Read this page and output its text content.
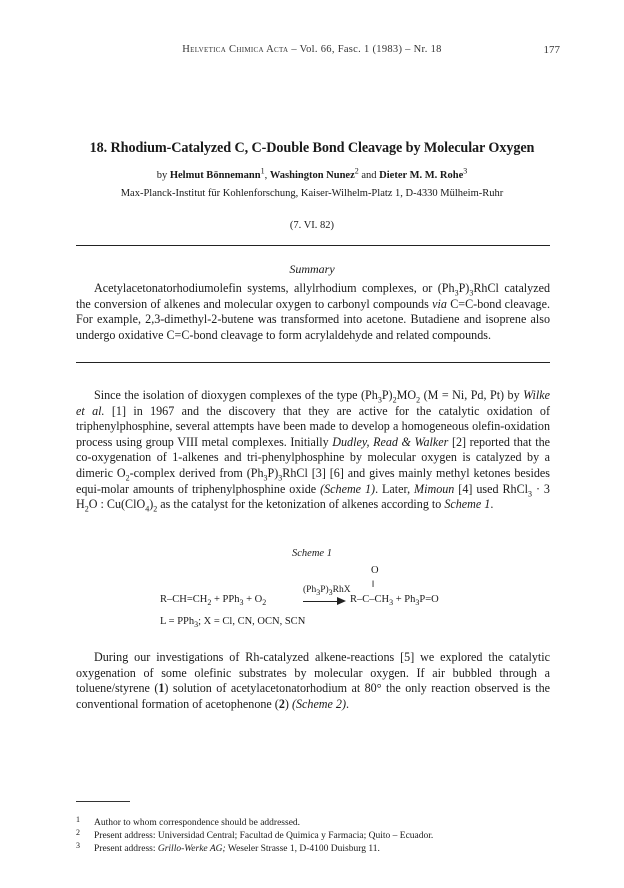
Helvetica Chimica Acta – Vol. 66, Fasc. 1 (1983) – Nr. 18	177
18. Rhodium-Catalyzed C, C-Double Bond Cleavage by Molecular Oxygen
by Helmut Bönnemann$^1$, Washington Nunez$^2$ and Dieter M. M. Rohe$^3$
Max-Planck-Institut für Kohlenforschung, Kaiser-Wilhelm-Platz 1, D-4330 Mülheim-Ruhr
(7. VI. 82)
Summary
Acetylacetonatorhodiumolefin systems, allylrhodium complexes, or $(Ph_3P)_3RhCl$ catalyzed the conversion of alkenes and molecular oxygen to carbonyl compounds via C=C-bond cleavage. For example, 2,3-dimethyl-2-butene was transformed into acetone. Butadiene and isoprene also undergo oxidative C=C-bond cleavage to form acrylaldehyde and related compounds.
Since the isolation of dioxygen complexes of the type $(Ph_3P)_2MO_2$ (M = Ni, Pd, Pt) by Wilke et al. [1] in 1967 and the discovery that they are active for the catalytic oxidation of triphenylphosphine, several attempts have been made to develop a homogeneous olefin-oxidation process using group VIII metal complexes. Initially Dudley, Read & Walker [2] reported that the co-oxygenation of 1-alkenes and tri-phenylphosphine by molecular oxygen is catalyzed by a dimeric $O_2$-complex derived from $(Ph_3P)_3RhCl$ [3] [6] and gives mainly methyl ketones besides equi-molar amounts of triphenylphosphine oxide (Scheme 1). Later, Mimoun [4] used RhCl$_3$ · 3 $H_2O$ : $Cu(ClO_4)_2$ as the catalyst for the ketonization of alkenes according to Scheme 1.
Scheme 1
O
‖
$R-CH=CH_2 + PPh_3 + O_2$
$(Ph_3P)_3RhX$
$R-C-CH_3 + Ph_3P=O$
L = PPh$_3$; X = Cl, CN, OCN, SCN
During our investigations of Rh-catalyzed alkene-reactions [5] we explored the catalytic oxygenation of some olefinic substrates by molecular oxygen. If air bubbled through a toluene/styrene (1) solution of acetylacetonatorhodium at 80° the only reaction observed is the conventional formation of acetophenone (2) (Scheme 2).
1 Author to whom correspondence should be addressed.
2 Present address: Universidad Central; Facultad de Quimica y Farmacia; Quito – Ecuador.
3 Present address: Grillo-Werke AG; Weseler Strasse 1, D-4100 Duisburg 11.
